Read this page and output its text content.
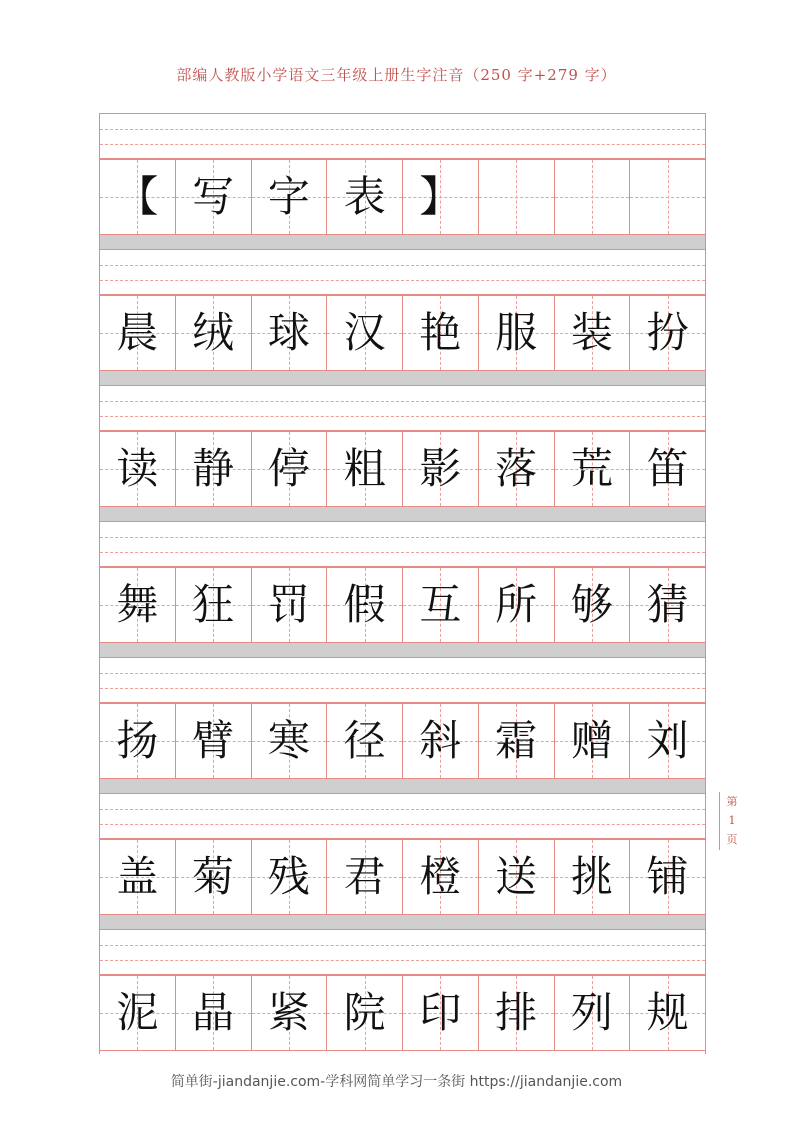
部编人教版小学语文三年级上册生字注音（250 字+279 字）
【 写 字 表 】
晨 绒 球 汉 艳 服 装 扮
读 静 停 粗 影 落 荒 笛
舞 狂 罚 假 互 所 够 猜
扬 臂 寒 径 斜 霜 赠 刘
盖 菊 残 君 橙 送 挑 铺
泥 晶 紧 院 印 排 列 规
第
1
页
简单街-jiandanjie.com-学科网简单学习一条街 https://jiandanjie.com
